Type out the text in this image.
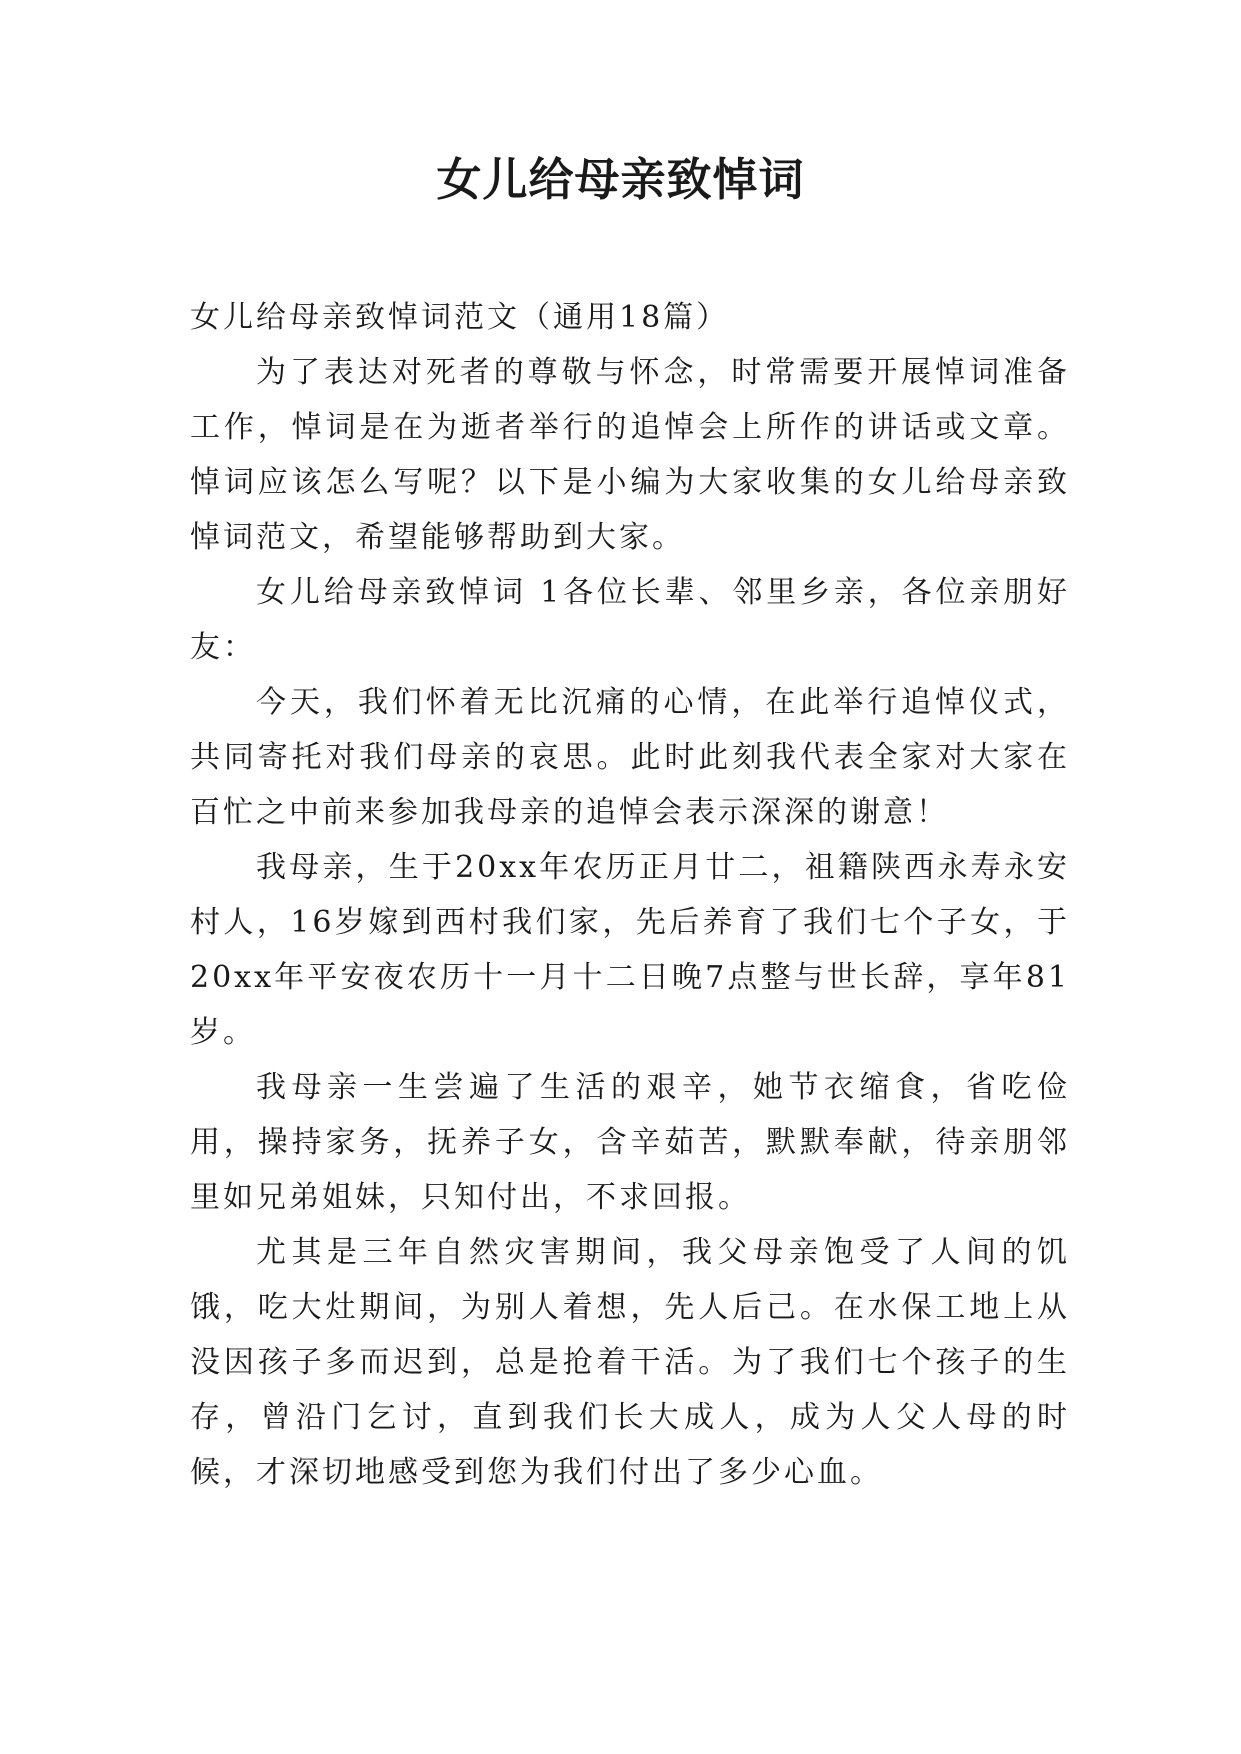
女儿给母亲致悼词

女儿给母亲致悼词范文（通用18篇）

为了表达对死者的尊敬与怀念，时常需要开展悼词准备工作，悼词是在为逝者举行的追悼会上所作的讲话或文章。悼词应该怎么写呢？以下是小编为大家收集的女儿给母亲致悼词范文，希望能够帮助到大家。

女儿给母亲致悼词 1各位长辈、邻里乡亲，各位亲朋好友：

今天，我们怀着无比沉痛的心情，在此举行追悼仪式，共同寄托对我们母亲的哀思。此时此刻我代表全家对大家在百忙之中前来参加我母亲的追悼会表示深深的谢意！

我母亲，生于20xx年农历正月廿二，祖籍陕西永寿永安村人，16岁嫁到西村我们家，先后养育了我们七个子女，于20xx年平安夜农历十一月十二日晚7点整与世长辞，享年81岁。

我母亲一生尝遍了生活的艰辛，她节衣缩食，省吃俭用，操持家务，抚养子女，含辛茹苦，默默奉献，待亲朋邻里如兄弟姐妹，只知付出，不求回报。

尤其是三年自然灾害期间，我父母亲饱受了人间的饥饿，吃大灶期间，为别人着想，先人后己。在水保工地上从没因孩子多而迟到，总是抢着干活。为了我们七个孩子的生存，曾沿门乞讨，直到我们长大成人，成为人父人母的时候，才深切地感受到您为我们付出了多少心血。
